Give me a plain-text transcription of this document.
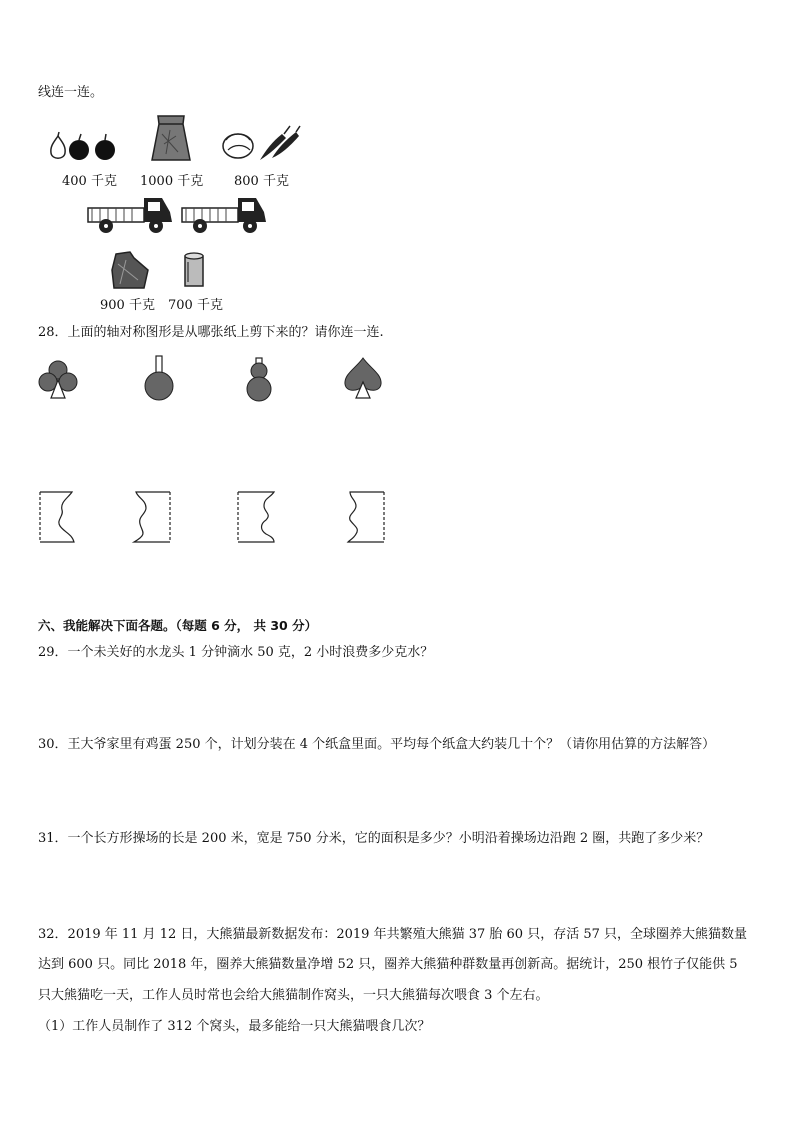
线连一连。
400 千克 1000 千克 800 千克
900 千克 700 千克
28．上面的轴对称图形是从哪张纸上剪下来的？请你连一连.
六、我能解决下面各题。（每题 6 分， 共 30 分）
29．一个未关好的水龙头 1 分钟滴水 50 克，2 小时浪费多少克水？
30．王大爷家里有鸡蛋 250 个，计划分装在 4 个纸盒里面。平均每个纸盒大约装几十个？（请你用估算的方法解答）
31．一个长方形操场的长是 200 米，宽是 750 分米，它的面积是多少？小明沿着操场边沿跑 2 圈，共跑了多少米？
32．2019 年 11 月 12 日，大熊猫最新数据发布：2019 年共繁殖大熊猫 37 胎 60 只，存活 57 只，全球圈养大熊猫数量
达到 600 只。同比 2018 年，圈养大熊猫数量净增 52 只，圈养大熊猫种群数量再创新高。据统计，250 根竹子仅能供 5
只大熊猫吃一天，工作人员时常也会给大熊猫制作窝头，一只大熊猫每次喂食 3 个左右。
（1）工作人员制作了 312 个窝头，最多能给一只大熊猫喂食几次？
